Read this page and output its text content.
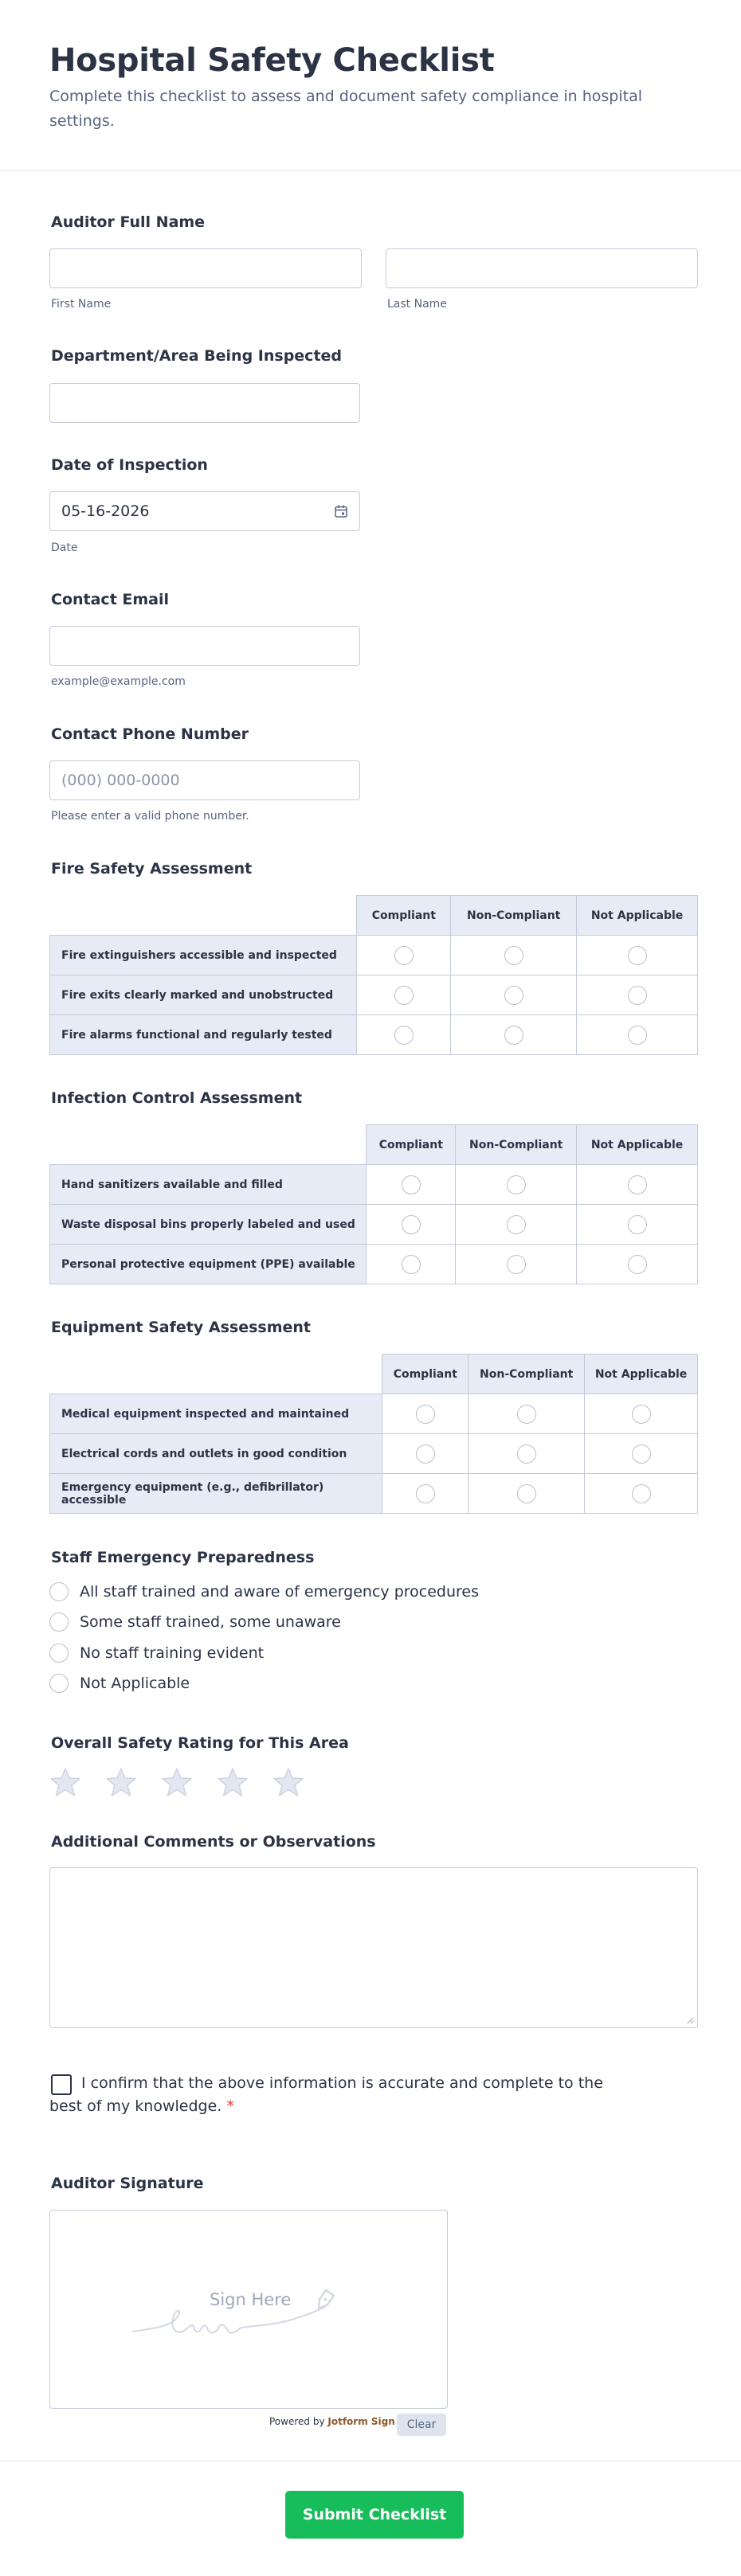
Hospital Safety Checklist
Complete this checklist to assess and document safety compliance in hospital settings.
Auditor Full Name
First Name	Last Name
Department/Area Being Inspected
Date of Inspection
05-16-2026
Date
Contact Email
example@example.com
Contact Phone Number
(000) 000-0000
Please enter a valid phone number.
Fire Safety Assessment
	Compliant	Non-Compliant	Not Applicable
Fire extinguishers accessible and inspected			
Fire exits clearly marked and unobstructed			
Fire alarms functional and regularly tested			
Infection Control Assessment
	Compliant	Non-Compliant	Not Applicable
Hand sanitizers available and filled			
Waste disposal bins properly labeled and used			
Personal protective equipment (PPE) available			
Equipment Safety Assessment
	Compliant	Non-Compliant	Not Applicable
Medical equipment inspected and maintained			
Electrical cords and outlets in good condition			
Emergency equipment (e.g., defibrillator) accessible			
Staff Emergency Preparedness
All staff trained and aware of emergency procedures
Some staff trained, some unaware
No staff training evident
Not Applicable
Overall Safety Rating for This Area
Additional Comments or Observations
I confirm that the above information is accurate and complete to the best of my knowledge. *
Auditor Signature
Sign Here
Powered by Jotform Sign	Clear
Submit Checklist
